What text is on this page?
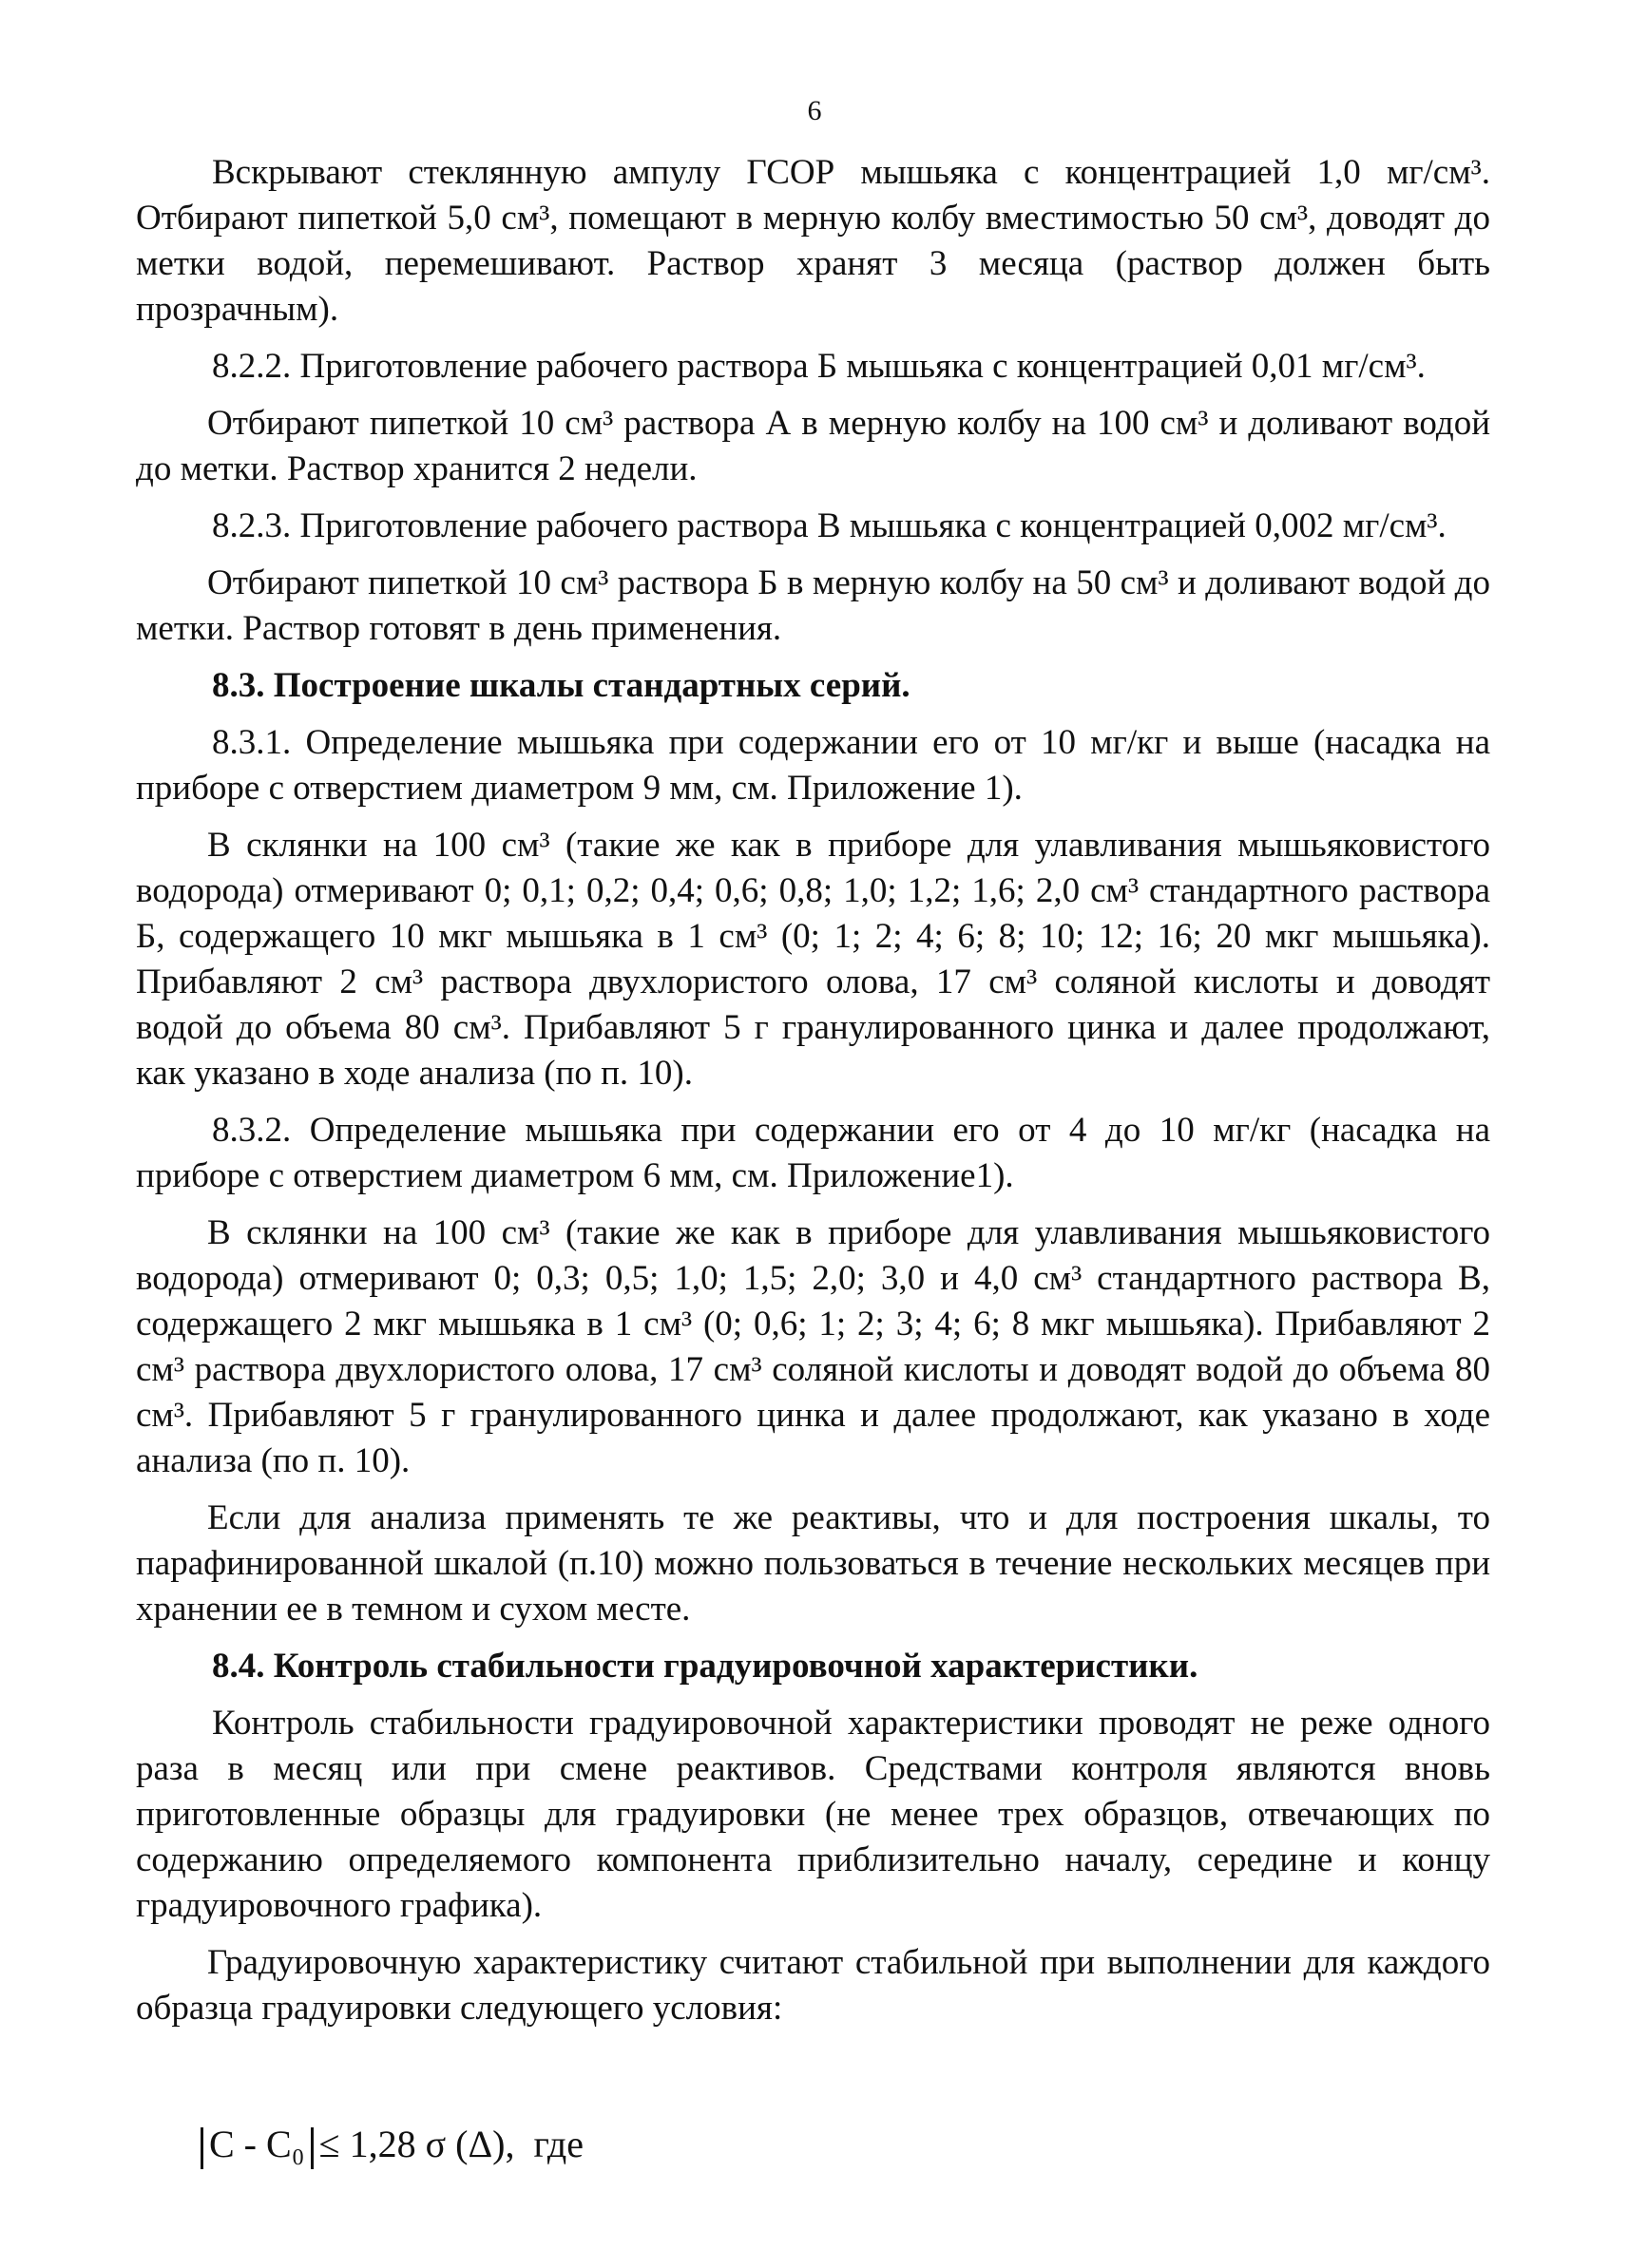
6

Вскрывают стеклянную ампулу ГСОР мышьяка с концентрацией 1,0 мг/см³. Отбирают пипеткой 5,0 см³, помещают в мерную колбу вместимостью 50 см³, доводят до метки водой, перемешивают. Раствор хранят 3 месяца (раствор должен быть прозрачным).

8.2.2. Приготовление рабочего раствора Б мышьяка с концентрацией 0,01 мг/см³.

Отбирают пипеткой 10 см³ раствора А в мерную колбу на 100 см³ и доливают водой до метки. Раствор хранится 2 недели.

8.2.3. Приготовление рабочего раствора В мышьяка с концентрацией 0,002 мг/см³.

Отбирают пипеткой 10 см³ раствора Б в мерную колбу на 50 см³ и доливают водой до метки. Раствор готовят в день применения.

8.3. Построение шкалы стандартных серий.

8.3.1. Определение мышьяка при содержании его от 10 мг/кг и выше (насадка на приборе с отверстием диаметром 9 мм, см. Приложение 1).

В склянки на 100 см³ (такие же как в приборе для улавливания мышьяковистого водорода) отмеривают 0; 0,1; 0,2; 0,4; 0,6; 0,8; 1,0; 1,2; 1,6; 2,0 см³ стандартного раствора Б, содержащего 10 мкг мышьяка в 1 см³ (0; 1; 2; 4; 6; 8; 10; 12; 16; 20 мкг мышьяка). Прибавляют 2 см³ раствора двухлористого олова, 17 см³ соляной кислоты и доводят водой до объема 80 см³. Прибавляют 5 г гранулированного цинка и далее продолжают, как указано в ходе анализа (по п. 10).

8.3.2. Определение мышьяка при содержании его от 4 до 10 мг/кг (насадка на приборе с отверстием диаметром 6 мм, см. Приложение1).

В склянки на 100 см³ (такие же как в приборе для улавливания мышьяковистого водорода) отмеривают 0; 0,3; 0,5; 1,0; 1,5; 2,0; 3,0 и 4,0 см³ стандартного раствора В, содержащего 2 мкг мышьяка в 1 см³ (0; 0,6; 1; 2; 3; 4; 6; 8 мкг мышьяка). Прибавляют 2 см³ раствора двухлористого олова, 17 см³ соляной кислоты и доводят водой до объема 80 см³. Прибавляют 5 г гранулированного цинка и далее продолжают, как указано в ходе анализа (по п. 10).

Если для анализа применять те же реактивы, что и для построения шкалы, то парафинированной шкалой (п.10) можно пользоваться в течение нескольких месяцев при хранении ее в темном и сухом месте.

8.4. Контроль стабильности градуировочной характеристики.

Контроль стабильности градуировочной характеристики проводят не реже одного раза в месяц или при смене реактивов. Средствами контроля являются вновь приготовленные образцы для градуировки (не менее трех образцов, отвечающих по содержанию определяемого компонента приблизительно началу, середине и концу градуировочного графика).

Градуировочную характеристику считают стабильной при выполнении для каждого образца градуировки следующего условия:

C - C₀ ≤ 1,28 σ (Δ), где
